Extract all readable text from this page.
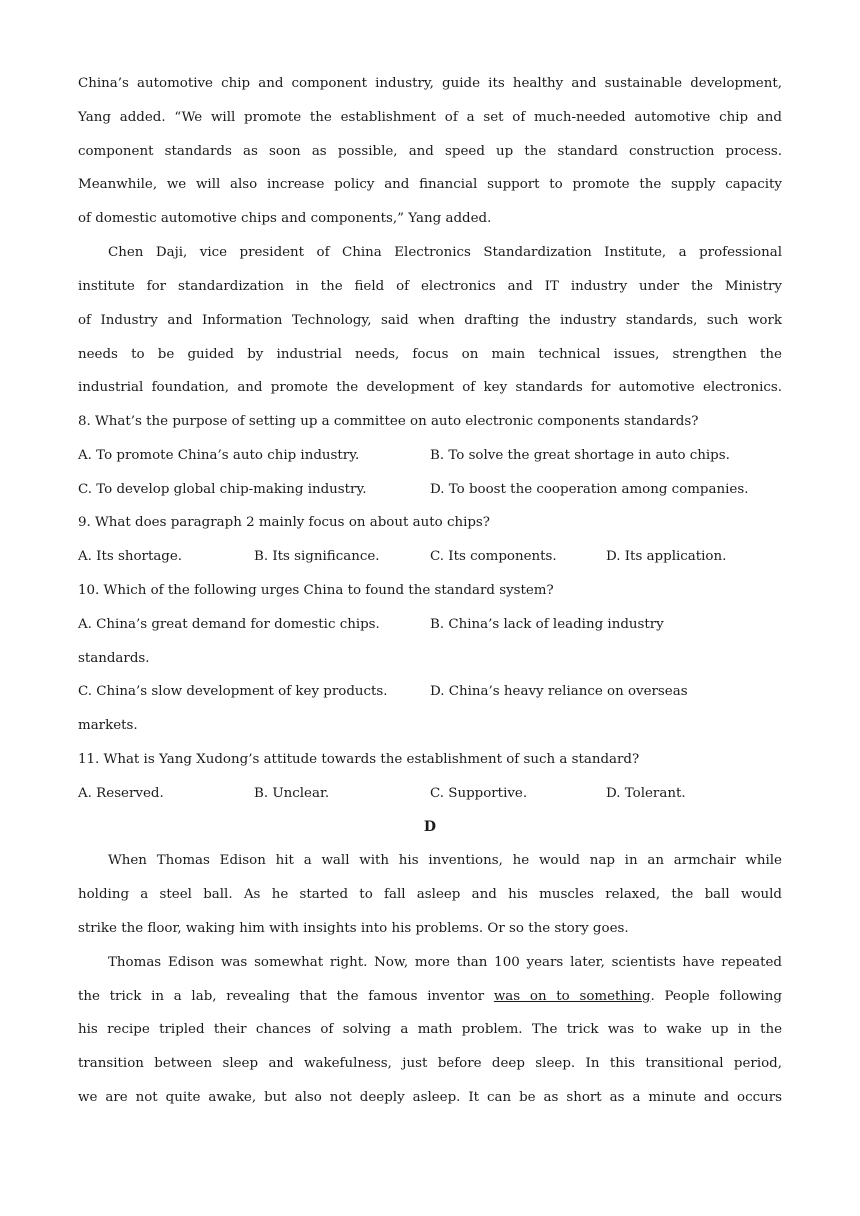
China’s automotive chip and component industry, guide its healthy and sustainable development,
Yang added. “We will promote the establishment of a set of much-needed automotive chip and
component standards as soon as possible, and speed up the standard construction process.
Meanwhile, we will also increase policy and financial support to promote the supply capacity
of domestic automotive chips and components,” Yang added.
Chen Daji, vice president of China Electronics Standardization Institute, a professional
institute for standardization in the field of electronics and IT industry under the Ministry
of Industry and Information Technology, said when drafting the industry standards, such work
needs to be guided by industrial needs, focus on main technical issues, strengthen the
industrial foundation, and promote the development of key standards for automotive electronics.
8. What’s the purpose of setting up a committee on auto electronic components standards?
A. To promote China’s auto chip industry.	B. To solve the great shortage in auto chips.
C. To develop global chip-making industry.	D. To boost the cooperation among companies.
9. What does paragraph 2 mainly focus on about auto chips?
A. Its shortage.	B. Its significance.	C. Its components.	D. Its application.
10. Which of the following urges China to found the standard system?
A. China’s great demand for domestic chips.	B. China’s lack of leading industry
standards.
C. China’s slow development of key products.	D. China’s heavy reliance on overseas
markets.
11. What is Yang Xudong’s attitude towards the establishment of such a standard?
A. Reserved.	B. Unclear.	C. Supportive.	D. Tolerant.
D
When Thomas Edison hit a wall with his inventions, he would nap in an armchair while
holding a steel ball. As he started to fall asleep and his muscles relaxed, the ball would
strike the floor, waking him with insights into his problems. Or so the story goes.
Thomas Edison was somewhat right. Now, more than 100 years later, scientists have repeated
the trick in a lab, revealing that the famous inventor was on to something. People following
his recipe tripled their chances of solving a math problem. The trick was to wake up in the
transition between sleep and wakefulness, just before deep sleep. In this transitional period,
we are not quite awake, but also not deeply asleep. It can be as short as a minute and occurs
